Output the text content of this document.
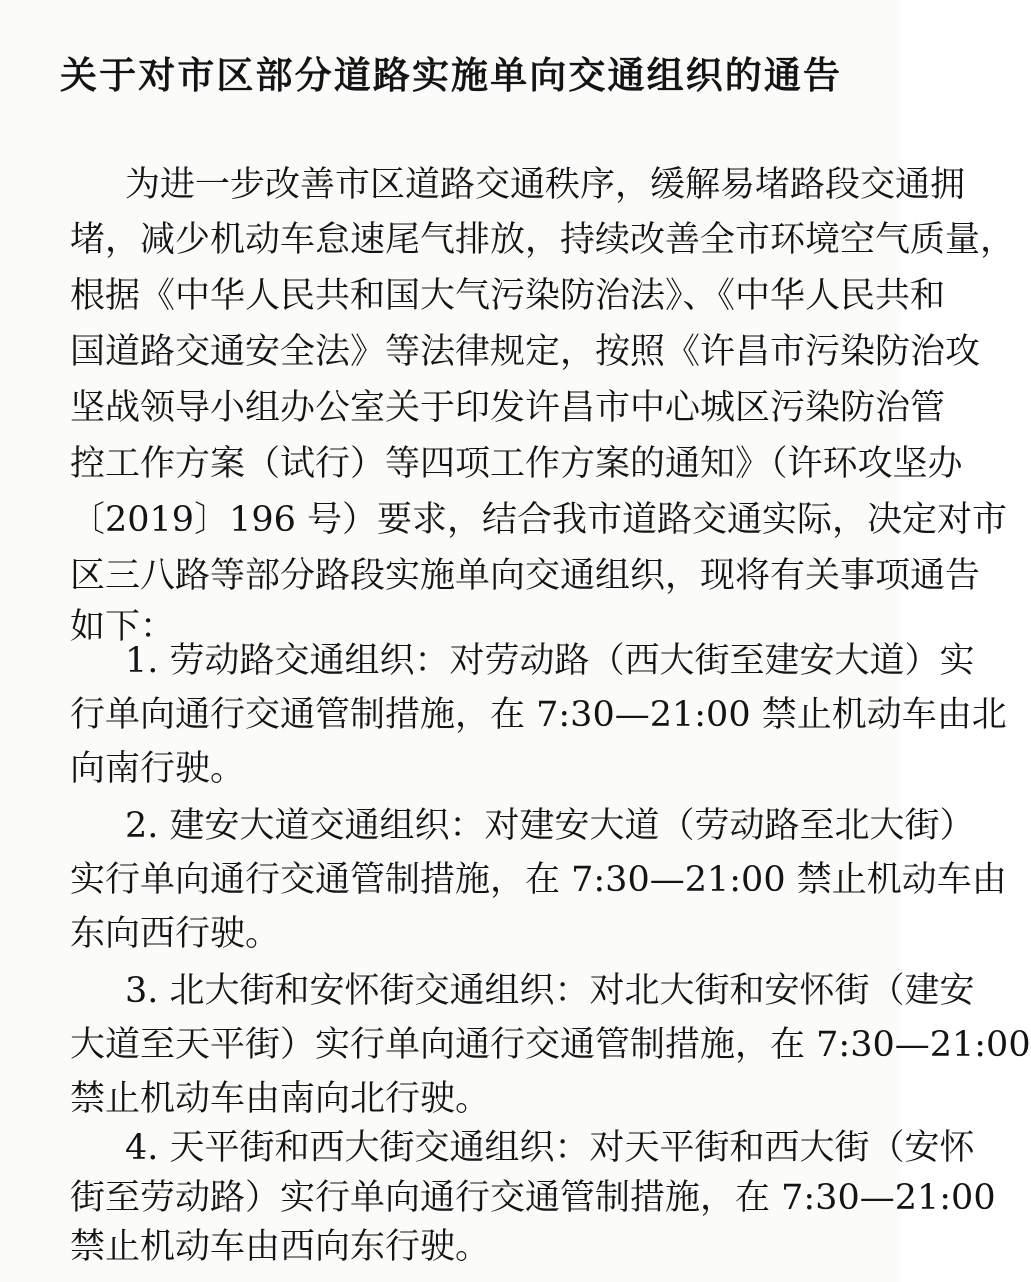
关于对市区部分道路实施单向交通组织的通告
为进一步改善市区道路交通秩序，缓解易堵路段交通拥
堵，减少机动车怠速尾气排放，持续改善全市环境空气质量，
根据《中华人民共和国大气污染防治法》、《中华人民共和
国道路交通安全法》等法律规定，按照《许昌市污染防治攻
坚战领导小组办公室关于印发许昌市中心城区污染防治管
控工作方案（试行）等四项工作方案的通知》（许环攻坚办
〔2019〕196 号）要求，结合我市道路交通实际，决定对市
区三八路等部分路段实施单向交通组织，现将有关事项通告
如下：
1. 劳动路交通组织：对劳动路（西大街至建安大道）实
行单向通行交通管制措施，在 7:30—21:00 禁止机动车由北
向南行驶。
2. 建安大道交通组织：对建安大道（劳动路至北大街）
实行单向通行交通管制措施，在 7:30—21:00 禁止机动车由
东向西行驶。
3. 北大街和安怀街交通组织：对北大街和安怀街（建安
大道至天平街）实行单向通行交通管制措施，在 7:30—21:00
禁止机动车由南向北行驶。
4. 天平街和西大街交通组织：对天平街和西大街（安怀
街至劳动路）实行单向通行交通管制措施，在 7:30—21:00
禁止机动车由西向东行驶。
